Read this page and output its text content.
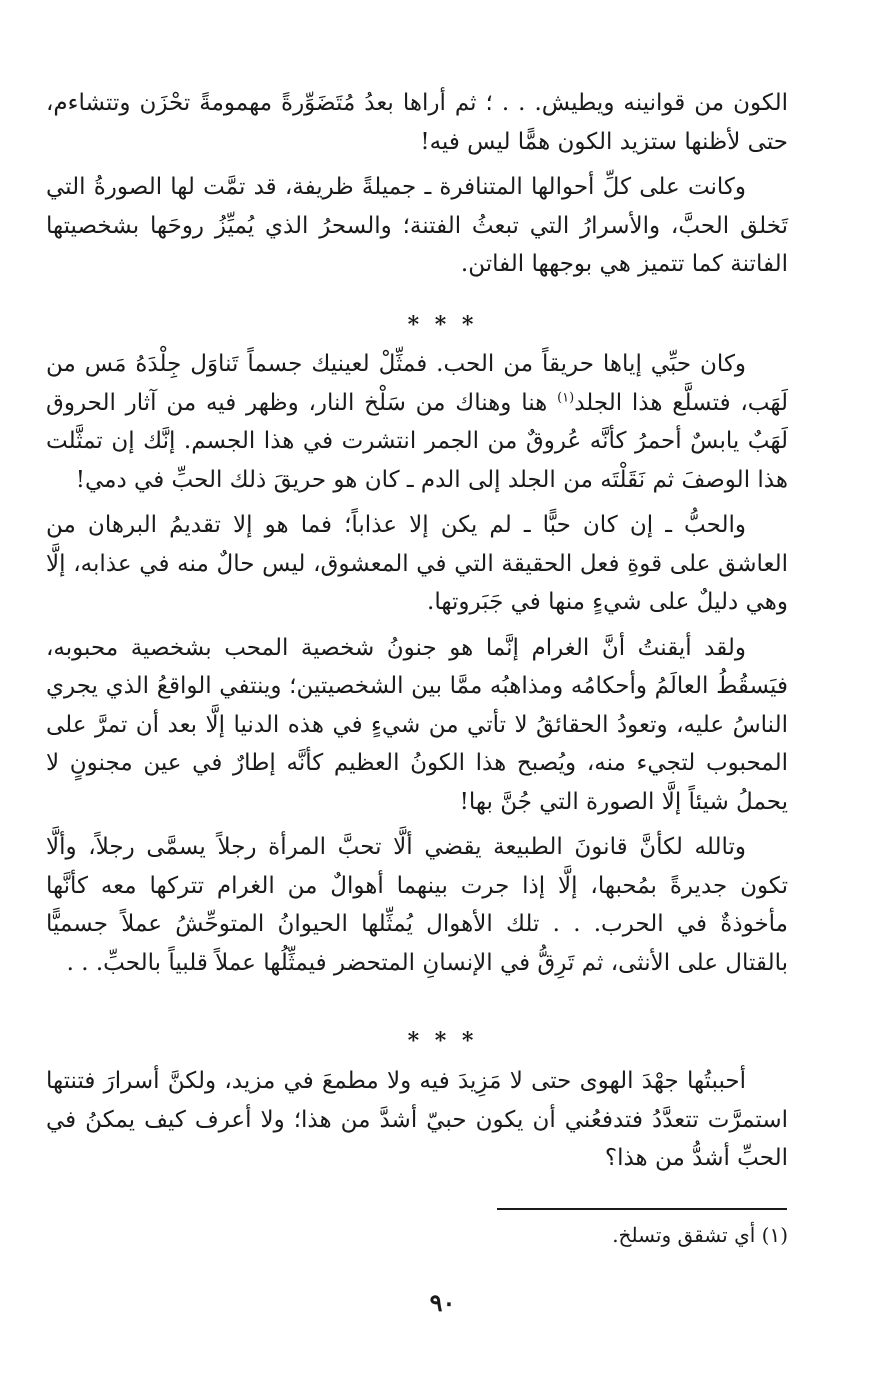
الكون من قوانينه ويطيش. . . ؛ ثم أراها بعدُ مُتَضَوِّرةً مهمومةً تحْزَن وتتشاءم، حتى لأظنها ستزيد الكون همًّا ليس فيه!

وكانت على كلِّ أحوالها المتنافرة ـ جميلةً ظريفة، قد تمَّت لها الصورةُ التي تَخلق الحبَّ، والأسرارُ التي تبعثُ الفتنة؛ والسحرُ الذي يُميِّزُ روحَها بشخصيتها الفاتنة كما تتميز هي بوجهها الفاتن.

* * *

وكان حبِّي إياها حريقاً من الحب. فمثِّلْ لعينيك جسماً تَناوَل جِلْدَهُ مَس من لَهَب، فتسلَّع هذا الجلد$^{(١)}$ هنا وهناك من سَلْخ النار، وظهر فيه من آثار الحروق لَهَبٌ يابسٌ أحمرُ كأنَّه عُروقٌ من الجمر انتشرت في هذا الجسم. إنَّك إن تمثَّلت هذا الوصفَ ثم نَقَلْتَه من الجلد إلى الدم ـ كان هو حريقَ ذلك الحبِّ في دمي!

والحبُّ ـ إن كان حبًّا ـ لم يكن إلا عذاباً؛ فما هو إلا تقديمُ البرهان من العاشق على قوةِ فعل الحقيقة التي في المعشوق، ليس حالٌ منه في عذابه، إلَّا وهي دليلٌ على شيءٍ منها في جَبَروتها.

ولقد أيقنتُ أنَّ الغرام إنَّما هو جنونُ شخصية المحب بشخصية محبوبه، فيَسقُطُ العالَمُ وأحكامُه ومذاهبُه ممَّا بين الشخصيتين؛ وينتفي الواقعُ الذي يجري الناسُ عليه، وتعودُ الحقائقُ لا تأتي من شيءٍ في هذه الدنيا إلَّا بعد أن تمرَّ على المحبوب لتجيء منه، ويُصبح هذا الكونُ العظيم كأنَّه إطارٌ في عين مجنونٍ لا يحملُ شيئاً إلَّا الصورة التي جُنَّ بها!

وتالله لكأنَّ قانونَ الطبيعة يقضي ألَّا تحبَّ المرأة رجلاً يسمَّى رجلاً، وألَّا تكون جديرةً بمُحبها، إلَّا إذا جرت بينهما أهوالٌ من الغرام تتركها معه كأنَّها مأخوذةٌ في الحرب. . . تلك الأهوال يُمثِّلها الحيوانُ المتوحِّشُ عملاً جسميًّا بالقتال على الأنثى، ثم تَرِقُّ في الإنسانِ المتحضر فيمثِّلُها عملاً قلبياً بالحبِّ. . .

* * *

أحببتُها جهْدَ الهوى حتى لا مَزِيدَ فيه ولا مطمعَ في مزيد، ولكنَّ أسرارَ فتنتها استمرَّت تتعدَّدُ فتدفعُني أن يكون حبيّ أشدَّ من هذا؛ ولا أعرف كيف يمكنُ في الحبِّ أشدُّ من هذا؟

(١) أي تشقق وتسلخ.

٩٠
